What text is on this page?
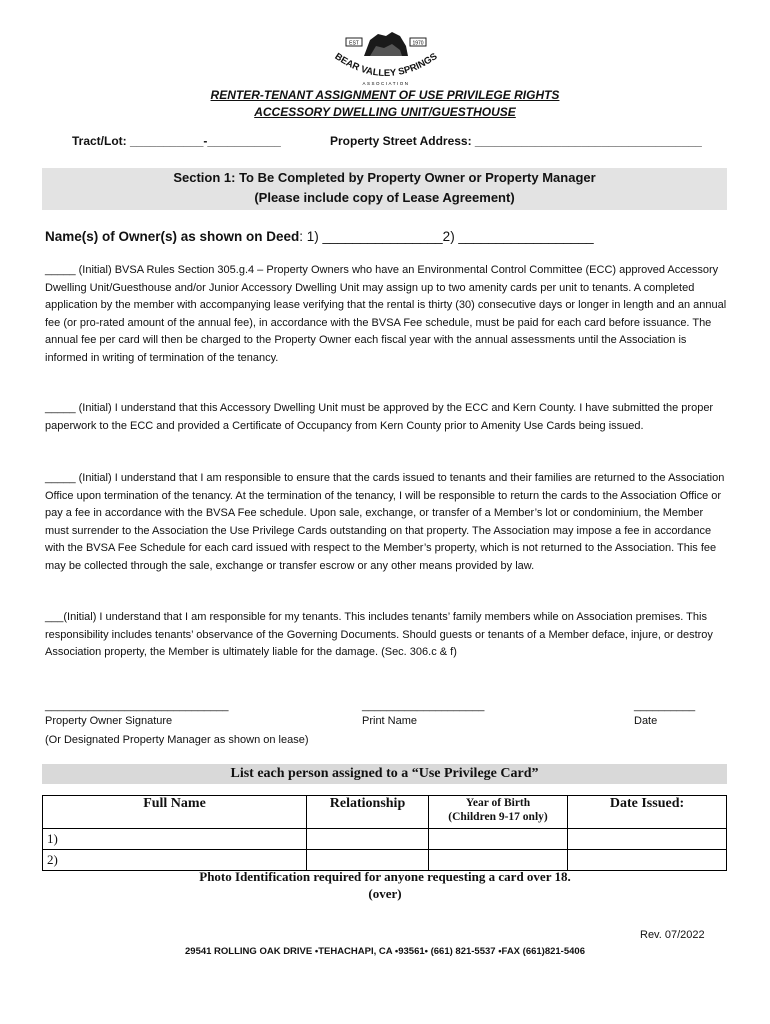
EST	1970
BEAR VALLEY SPRINGS
ASSOCIATION
RENTER-TENANT ASSIGNMENT OF USE PRIVILEGE RIGHTS
ACCESSORY DWELLING UNIT/GUESTHOUSE
Tract/Lot: ___________-___________	Property Street Address: __________________________________
Section 1: To Be Completed by Property Owner or Property Manager
(Please include copy of Lease Agreement)
Name(s) of Owner(s) as shown on Deed: 1) ________________2) __________________
_____ (Initial) BVSA Rules Section 305.g.4 – Property Owners who have an Environmental Control Committee (ECC) approved Accessory Dwelling Unit/Guesthouse and/or Junior Accessory Dwelling Unit may assign up to two amenity cards per unit to tenants. A completed application by the member with accompanying lease verifying that the rental is thirty (30) consecutive days or longer in length and an annual fee (or pro-rated amount of the annual fee), in accordance with the BVSA Fee schedule, must be paid for each card before issuance. The annual fee per card will then be charged to the Property Owner each fiscal year with the annual assessments until the Association is informed in writing of termination of the tenancy.
_____ (Initial) I understand that this Accessory Dwelling Unit must be approved by the ECC and Kern County. I have submitted the proper paperwork to the ECC and provided a Certificate of Occupancy from Kern County prior to Amenity Use Cards being issued.
_____ (Initial) I understand that I am responsible to ensure that the cards issued to tenants and their families are returned to the Association Office upon termination of the tenancy. At the termination of the tenancy, I will be responsible to return the cards to the Association Office or pay a fee in accordance with the BVSA Fee schedule. Upon sale, exchange, or transfer of a Member’s lot or condominium, the Member must surrender to the Association the Use Privilege Cards outstanding on that property. The Association may impose a fee in accordance with the BVSA Fee Schedule for each card issued with respect to the Member’s property, which is not returned to the Association. This fee may be collected through the sale, exchange or transfer escrow or any other means provided by law.
___(Initial) I understand that I am responsible for my tenants. This includes tenants’ family members while on Association premises. This responsibility includes tenants’ observance of the Governing Documents. Should guests or tenants of a Member deface, injure, or destroy Association property, the Member is ultimately liable for the damage. (Sec. 306.c & f)
______________________________
Property Owner Signature
(Or Designated Property Manager as shown on lease)
____________________
Print Name
__________
Date
List each person assigned to a “Use Privilege Card”
Full Name	Relationship	Year of Birth
(Children 9-17 only)	Date Issued:
1)			
2)			
Photo Identification required for anyone requesting a card over 18.
(over)
Rev. 07/2022
29541 ROLLING OAK DRIVE •TEHACHAPI, CA •93561• (661) 821-5537 •FAX (661)821-5406
